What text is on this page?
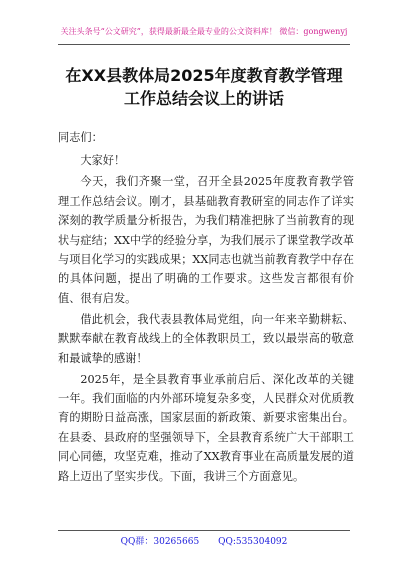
关注头条号“公文研究”，获得最新最全最专业的公文资料库！ 微信：gongwenyj
在XX县教体局2025年度教育教学管理
工作总结会议上的讲话

同志们：

大家好！

今天，我们齐聚一堂，召开全县2025年度教育教学管理工作总结会议。刚才，县基础教育教研室的同志作了详实深刻的教学质量分析报告，为我们精准把脉了当前教育的现状与症结；XX中学的经验分享，为我们展示了课堂教学改革与项目化学习的实践成果；XX同志也就当前教育教学中存在的具体问题，提出了明确的工作要求。这些发言都很有价值、很有启发。

借此机会，我代表县教体局党组，向一年来辛勤耕耘、默默奉献在教育战线上的全体教职员工，致以最崇高的敬意和最诚挚的感谢！

2025年，是全县教育事业承前启后、深化改革的关键一年。我们面临的内外部环境复杂多变，人民群众对优质教育的期盼日益高涨，国家层面的新政策、新要求密集出台。在县委、县政府的坚强领导下，全县教育系统广大干部职工同心同德，攻坚克难，推动了XX教育事业在高质量发展的道路上迈出了坚实步伐。下面，我讲三个方面意见。

QQ群：30265665 QQ:535304092
